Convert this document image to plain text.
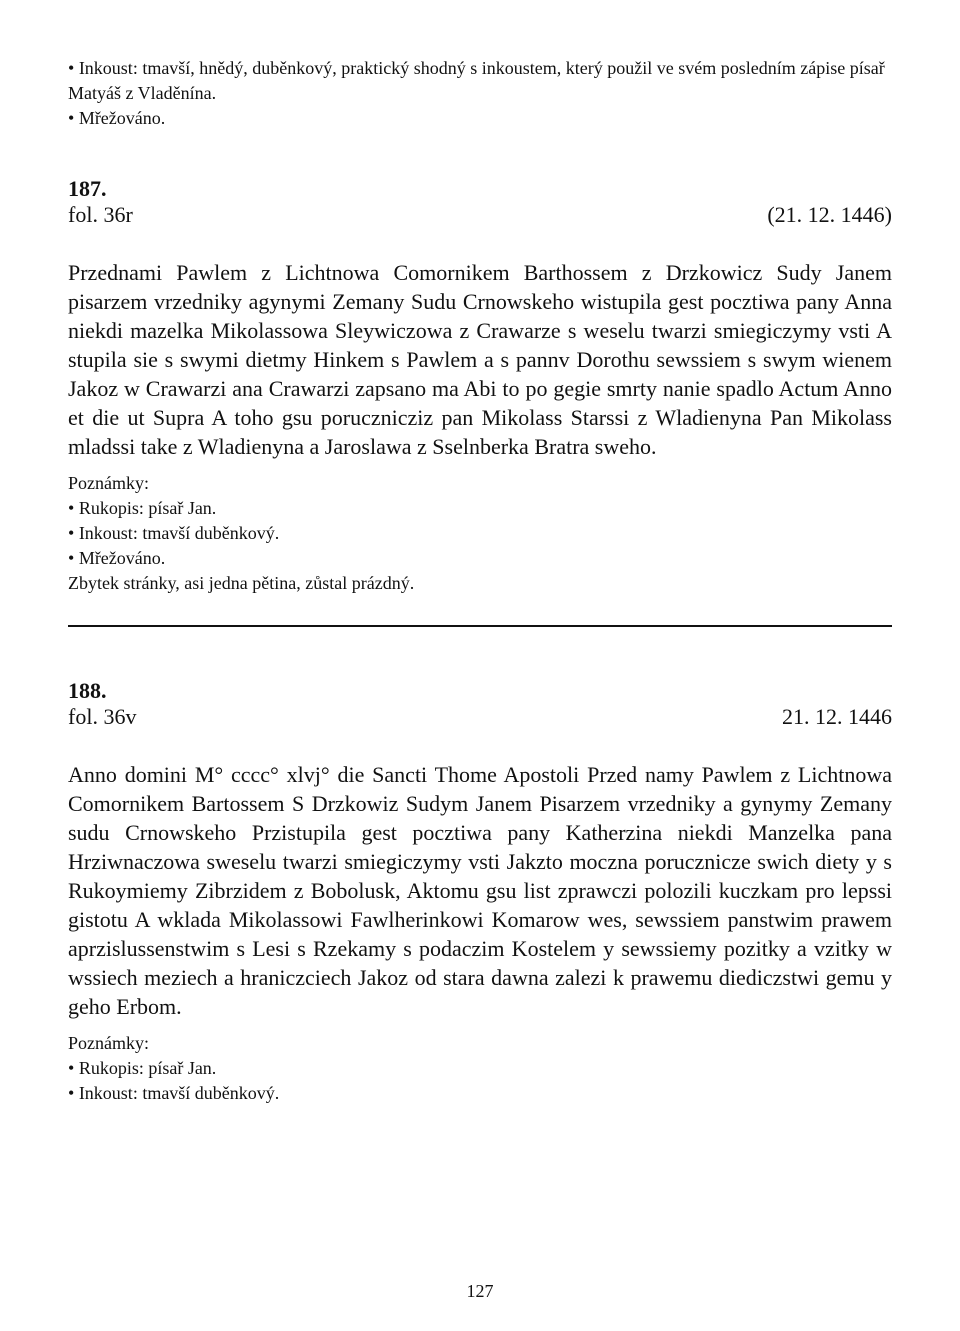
• Inkoust: tmavší, hnědý, duběnkový, praktický shodný s inkoustem, který použil ve svém posledním zápise písař Matyáš z Vladěnína.
• Mřežováno.
187.
fol. 36r	(21. 12. 1446)

Przednami Pawlem z Lichtnowa Comornikem Barthossem z Drzkowicz Sudy Janem pisarzem vrzedniky agynymi Zemany Sudu Crnowskeho wistupila gest pocztiwa pany Anna niekdi mazelka Mikolassowa Sleywiczowa z Crawarze s weselu twarzi smiegiczymy vsti A stupila sie s swymi dietmy Hinkem s Pawlem a s pannv Dorothu sewssiem s swym wienem Jakoz w Crawarzi ana Crawarzi zapsano ma Abi to po gegie smrty nanie spadlo Actum Anno et die ut Supra A toho gsu porucznicziz pan Mikolass Starssi z Wladienyna Pan Mikolass mladssi take z Wladienyna a Jaroslawa z Sselnberka Bratra sweho.

Poznámky:
• Rukopis: písař Jan.
• Inkoust: tmavší duběnkový.
• Mřežováno.
Zbytek stránky, asi jedna pětina, zůstal prázdný.
188.
fol. 36v	21. 12. 1446

Anno domini M° cccc° xlvj° die Sancti Thome Apostoli Przed namy Pawlem z Lichtnowa Comornikem Bartossem S Drzkowiz Sudym Janem Pisarzem vrzedniky a gynymy Zemany sudu Crnowskeho Przistupila gest pocztiwa pany Katherzina niekdi Manzelka pana Hrziwnaczowa sweselu twarzi smiegiczymy vsti Jakzto moczna porucznicze swich diety y s Rukoymiemy Zibrzidem z Bobolusk, Aktomu gsu list zprawczi polozili kuczkam pro lepssi gistotu A wklada Mikolassowi Fawlherinkowi Komarow wes, sewssiem panstwim prawem aprzislussenstwim s Lesi s Rzekamy s podaczim Kostelem y sewssiemy pozitky a vzitky w wssiech meziech a hraniczciech Jakoz od stara dawna zalezi k prawemu diediczstwi gemu y geho Erbom.

Poznámky:
• Rukopis: písař Jan.
• Inkoust: tmavší duběnkový.
127
